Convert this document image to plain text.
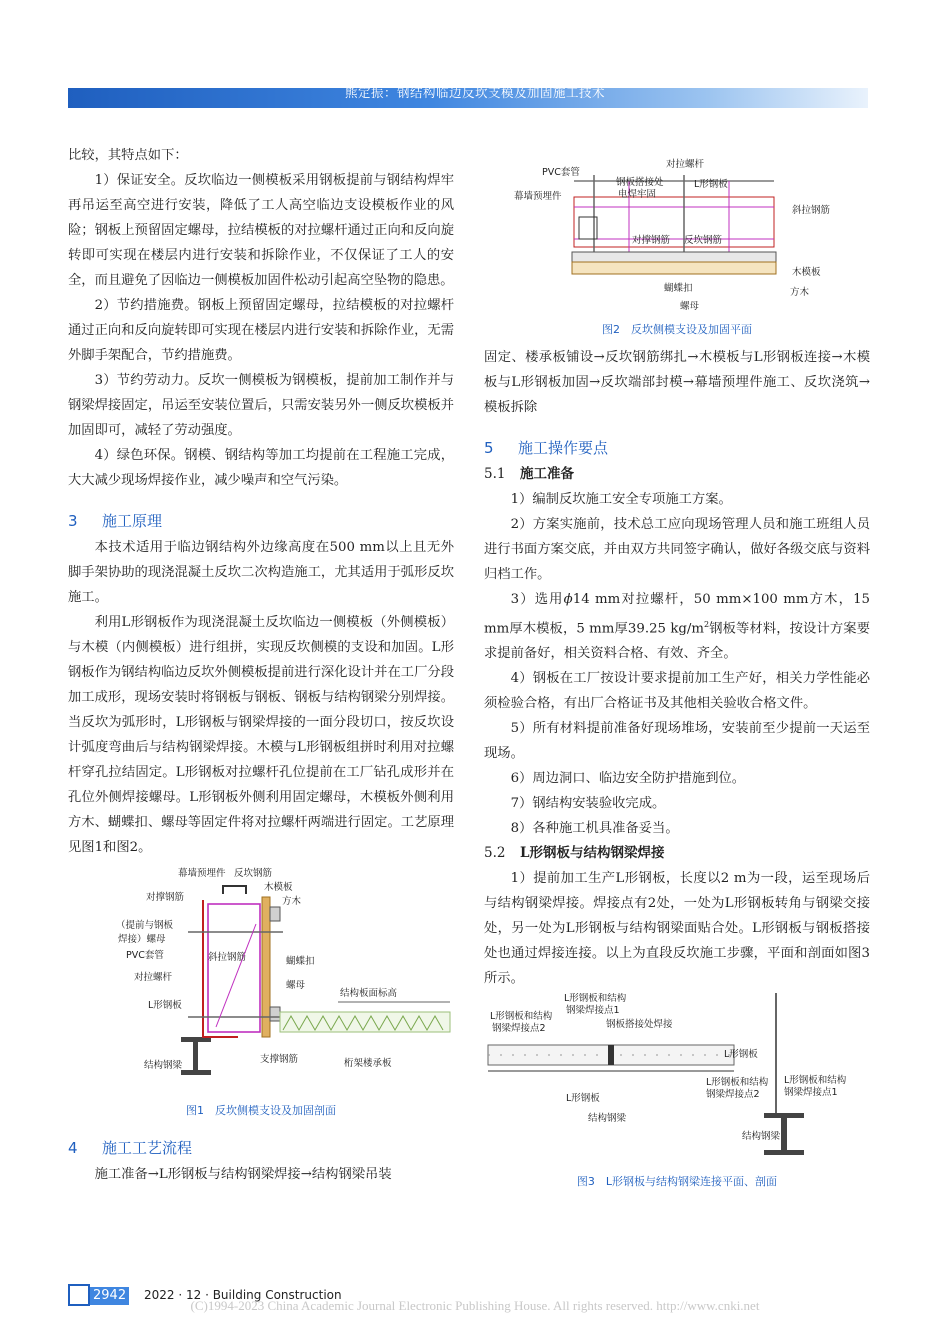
熊定振：钢结构临边反坎支模及加固施工技术

比较，其特点如下：

1）保证安全。反坎临边一侧模板采用钢板提前与钢结构焊牢再吊运至高空进行安装，降低了工人高空临边支设模板作业的风险；钢板上预留固定螺母，拉结模板的对拉螺杆通过正向和反向旋转即可实现在楼层内进行安装和拆除作业，不仅保证了工人的安全，而且避免了因临边一侧模板加固件松动引起高空坠物的隐患。

2）节约措施费。钢板上预留固定螺母，拉结模板的对拉螺杆通过正向和反向旋转即可实现在楼层内进行安装和拆除作业，无需外脚手架配合，节约措施费。

3）节约劳动力。反坎一侧模板为钢模板，提前加工制作并与钢梁焊接固定，吊运至安装位置后，只需安装另外一侧反坎模板并加固即可，减轻了劳动强度。

4）绿色环保。钢模、钢结构等加工均提前在工程施工完成，大大减少现场焊接作业，减少噪声和空气污染。

3 施工原理

本技术适用于临边钢结构外边缘高度在500 mm以上且无外脚手架协助的现浇混凝土反坎二次构造施工，尤其适用于弧形反坎施工。

利用L形钢板作为现浇混凝土反坎临边一侧模板（外侧模板）与木模（内侧模板）进行组拼，实现反坎侧模的支设和加固。L形钢板作为钢结构临边反坎外侧模板提前进行深化设计并在工厂分段加工成形，现场安装时将钢板与钢板、钢板与结构钢梁分别焊接。当反坎为弧形时，L形钢板与钢梁焊接的一面分段切口，按反坎设计弧度弯曲后与结构钢梁焊接。木模与L形钢板组拼时利用对拉螺杆穿孔拉结固定。L形钢板对拉螺杆孔位提前在工厂钻孔成形并在孔位外侧焊接螺母。L形钢板外侧利用固定螺母，木模板外侧利用方木、蝴蝶扣、螺母等固定件将对拉螺杆两端进行固定。工艺原理见图1和图2。

幕墙预埋件 反坎钢筋
对撑钢筋
木模板
方木
（提前与钢板
焊接）螺母
PVC套管	斜拉钢筋	蝴蝶扣
对拉螺杆
螺母
结构板面标高
L形钢板
支撑钢筋	桁架楼承板
结构钢梁
图1　反坎侧模支设及加固剖面
4 施工工艺流程

施工准备→L形钢板与结构钢梁焊接→结构钢梁吊装

对拉螺杆
PVC套管
钢板搭接处
电焊牢固
L形钢板
幕墙预埋件
斜拉钢筋
对撑钢筋 反坎钢筋
木模板
蝴蝶扣	方木
螺母
图2　反坎侧模支设及加固平面

固定、楼承板铺设→反坎钢筋绑扎→木模板与L形钢板连接→木模板与L形钢板加固→反坎端部封模→幕墙预埋件施工、反坎浇筑→模板拆除

5 施工操作要点
5.1 施工准备

1）编制反坎施工安全专项施工方案。

2）方案实施前，技术总工应向现场管理人员和施工班组人员进行书面方案交底，并由双方共同签字确认，做好各级交底与资料归档工作。

3）选用ϕ14 mm对拉螺杆，50 mm×100 mm方木，15 mm厚木模板，5 mm厚39.25 $kg/m^2$钢板等材料，按设计方案要求提前备好，相关资料合格、有效、齐全。

4）钢板在工厂按设计要求提前加工生产好，相关力学性能必须检验合格，有出厂合格证书及其他相关验收合格文件。

5）所有材料提前准备好现场堆场，安装前至少提前一天运至现场。

6）周边洞口、临边安全防护措施到位。

7）钢结构安装验收完成。

8）各种施工机具准备妥当。

5.2 L形钢板与结构钢梁焊接

1）提前加工生产L形钢板，长度以2 m为一段，运至现场后与结构钢梁焊接。焊接点有2处，一处为L形钢板转角与钢梁交接处，另一处为L形钢板与结构钢梁面贴合处。L形钢板与钢板搭接处也通过焊接连接。以上为直段反坎施工步骤，平面和剖面如图3所示。

L形钢板和结构
钢梁焊接点1
L形钢板和结构
钢梁焊接点2	钢板搭接处焊接
L形钢板
L形钢板
结构钢梁
L形钢板和结构
钢梁焊接点2
L形钢板和结构
钢梁焊接点1
结构钢梁
图3　L形钢板与结构钢梁连接平面、剖面
2942 2022 · 12 · Building Construction
(C)1994-2023 China Academic Journal Electronic Publishing House. All rights reserved. http://www.cnki.net
